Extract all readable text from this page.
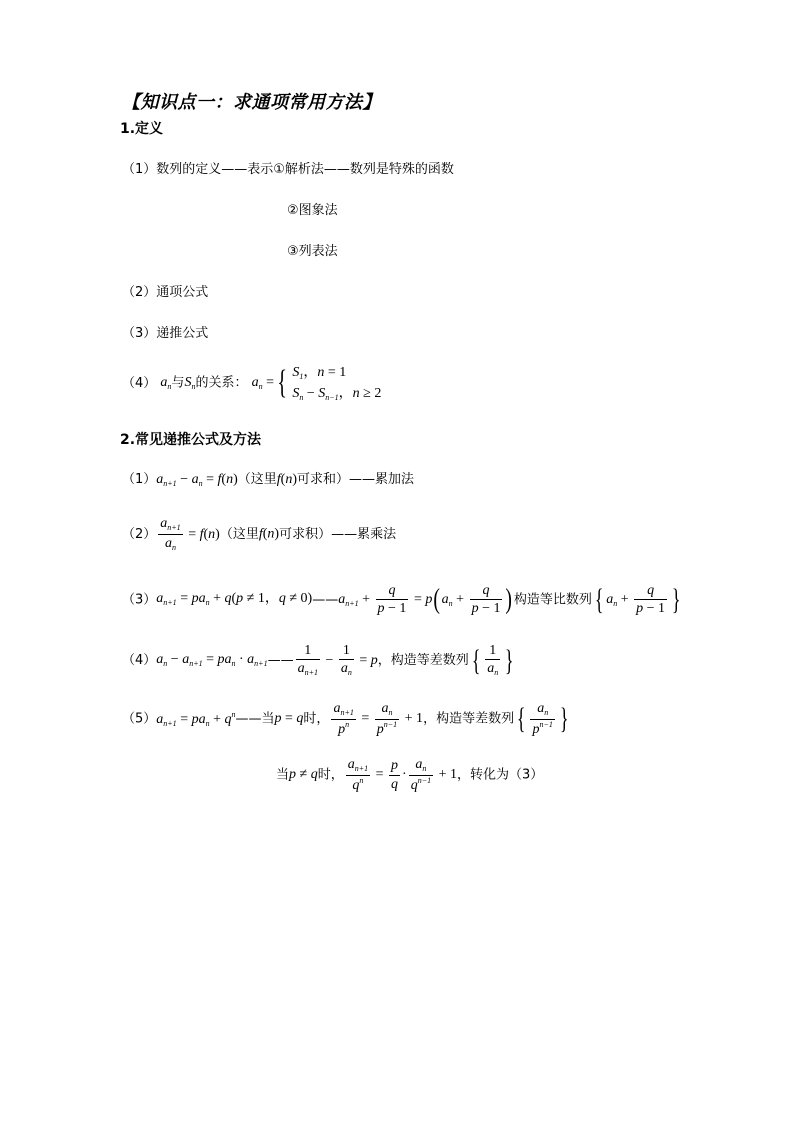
【知识点一：求通项常用方法】
1.定义
（1）数列的定义——表示①解析法——数列是特殊的函数
②图象法
③列表法
（2）通项公式
（3）递推公式
（4） $a_n$与$S_n$的关系： $a_n$ ={ $S_1$，n = 1
$S_n - S_{n-1}$，n ≥ 2
2.常见递推公式及方法
$(1)a_{n+1} - a_n = f(n)$（这里f(n)可求和）——累加法
$(2) \frac{a_{n+1}}{a_n} = f(n)$（这里f(n)可求积）——累乘法
$(3)a_{n+1} = pa_n + q(p \ne 1$，$q \ne 0)——a_{n+1} + \frac{q}{p - 1} = p(a_n + \frac{q}{p - 1}$ )构造等比数列{ $a_n + \frac{q}{p - 1}$ }
$(4)a_n - a_{n+1} = pa_n$ · $a_{n+1}—— \frac{1}{a_{n+1}} - \frac{1}{a_n} = p$，构造等差数列{ $\frac{1}{a_n}$ }
$(5)a_{n+1} = pa_n$ + $q^n——$当p = q时， $\frac{a_{n+1}}{p^n} = \frac{a_n}{p^{n-1}} + 1$，构造等差数列{ $\frac{a_n}{p^{n-1}}$ }
当p ≠ q时， $\frac{a_{n+1}}{q^n} = \frac{p}{q} \cdot \frac{a_n}{q^{n-1}} + 1$，转化为（3）
